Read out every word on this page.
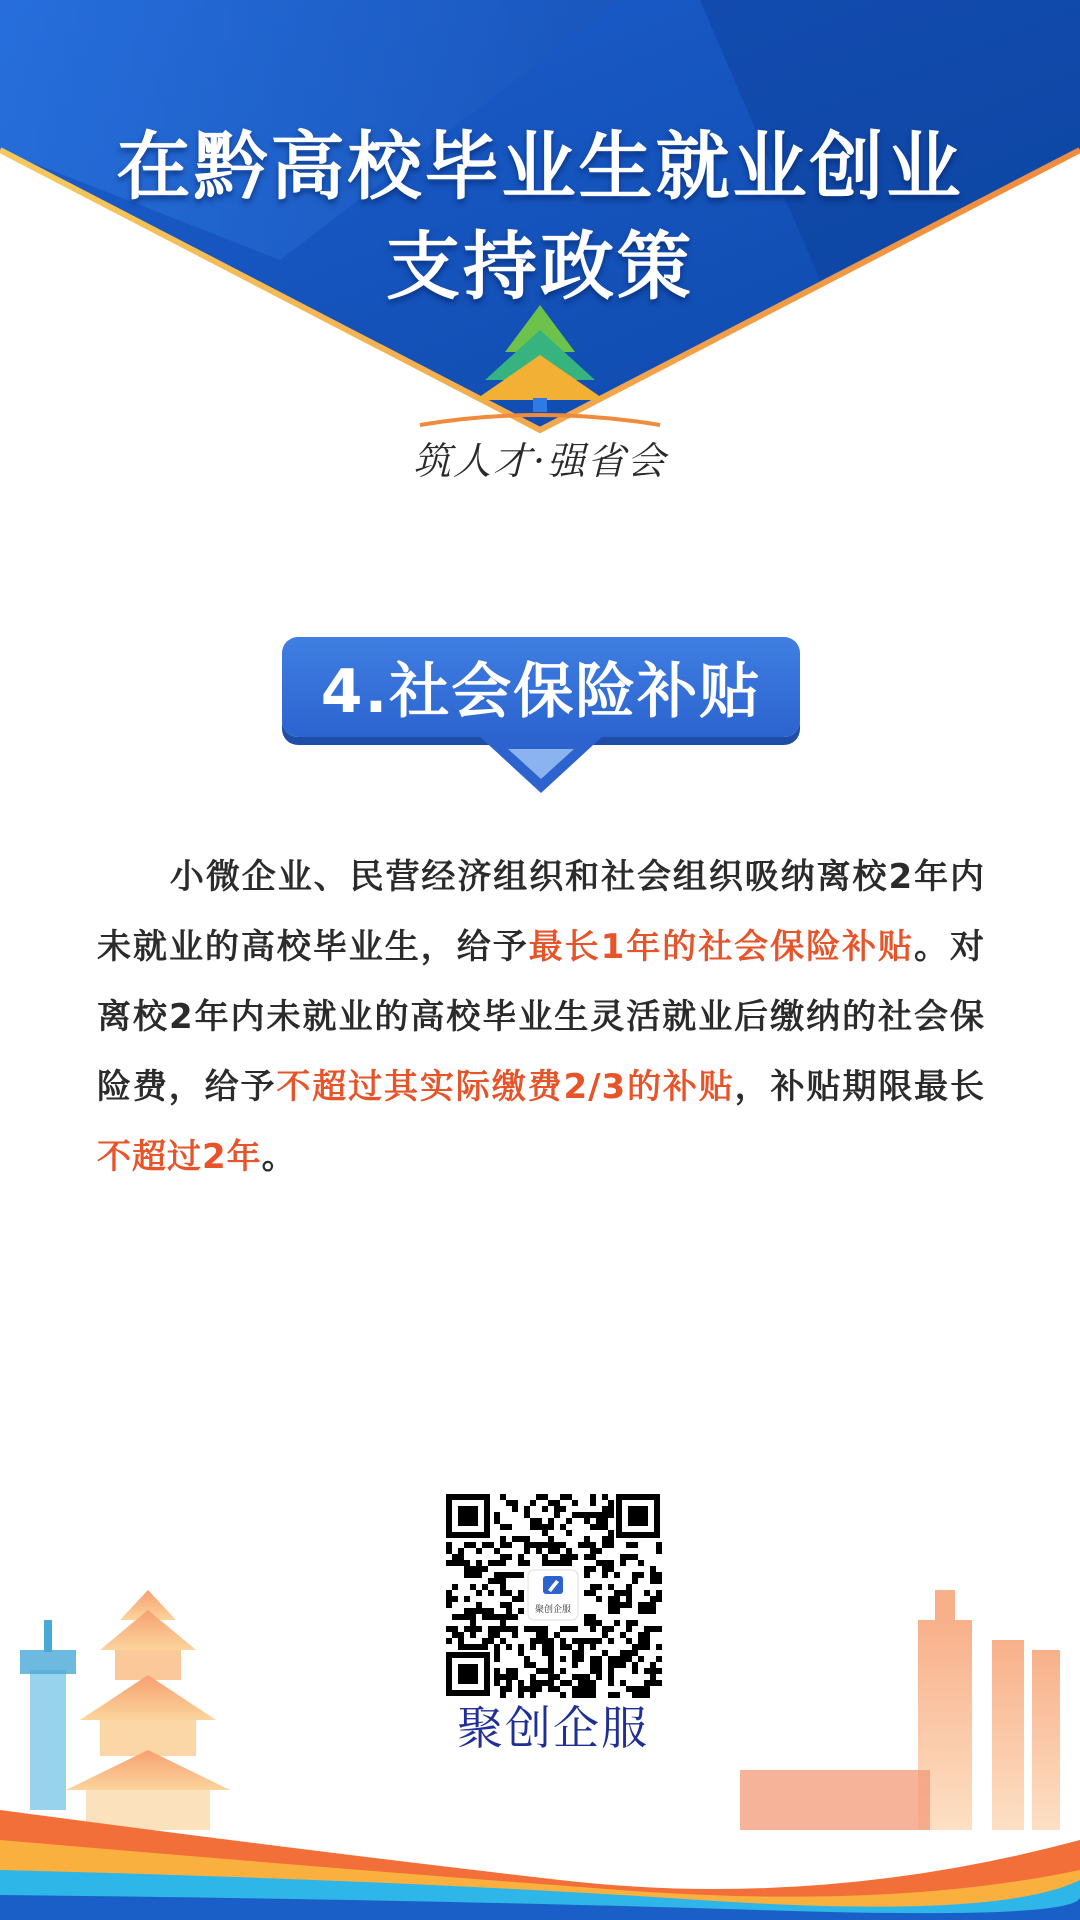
在黔高校毕业生就业创业
支持政策
筑人才·强省会
4.社会保险补贴

小微企业、民营经济组织和社会组织吸纳离校2年内未就业的高校毕业生，给予最长1年的社会保险补贴。对离校2年内未就业的高校毕业生灵活就业后缴纳的社会保险费，给予不超过其实际缴费2/3的补贴，补贴期限最长不超过2年。

聚创企服
聚创企服
